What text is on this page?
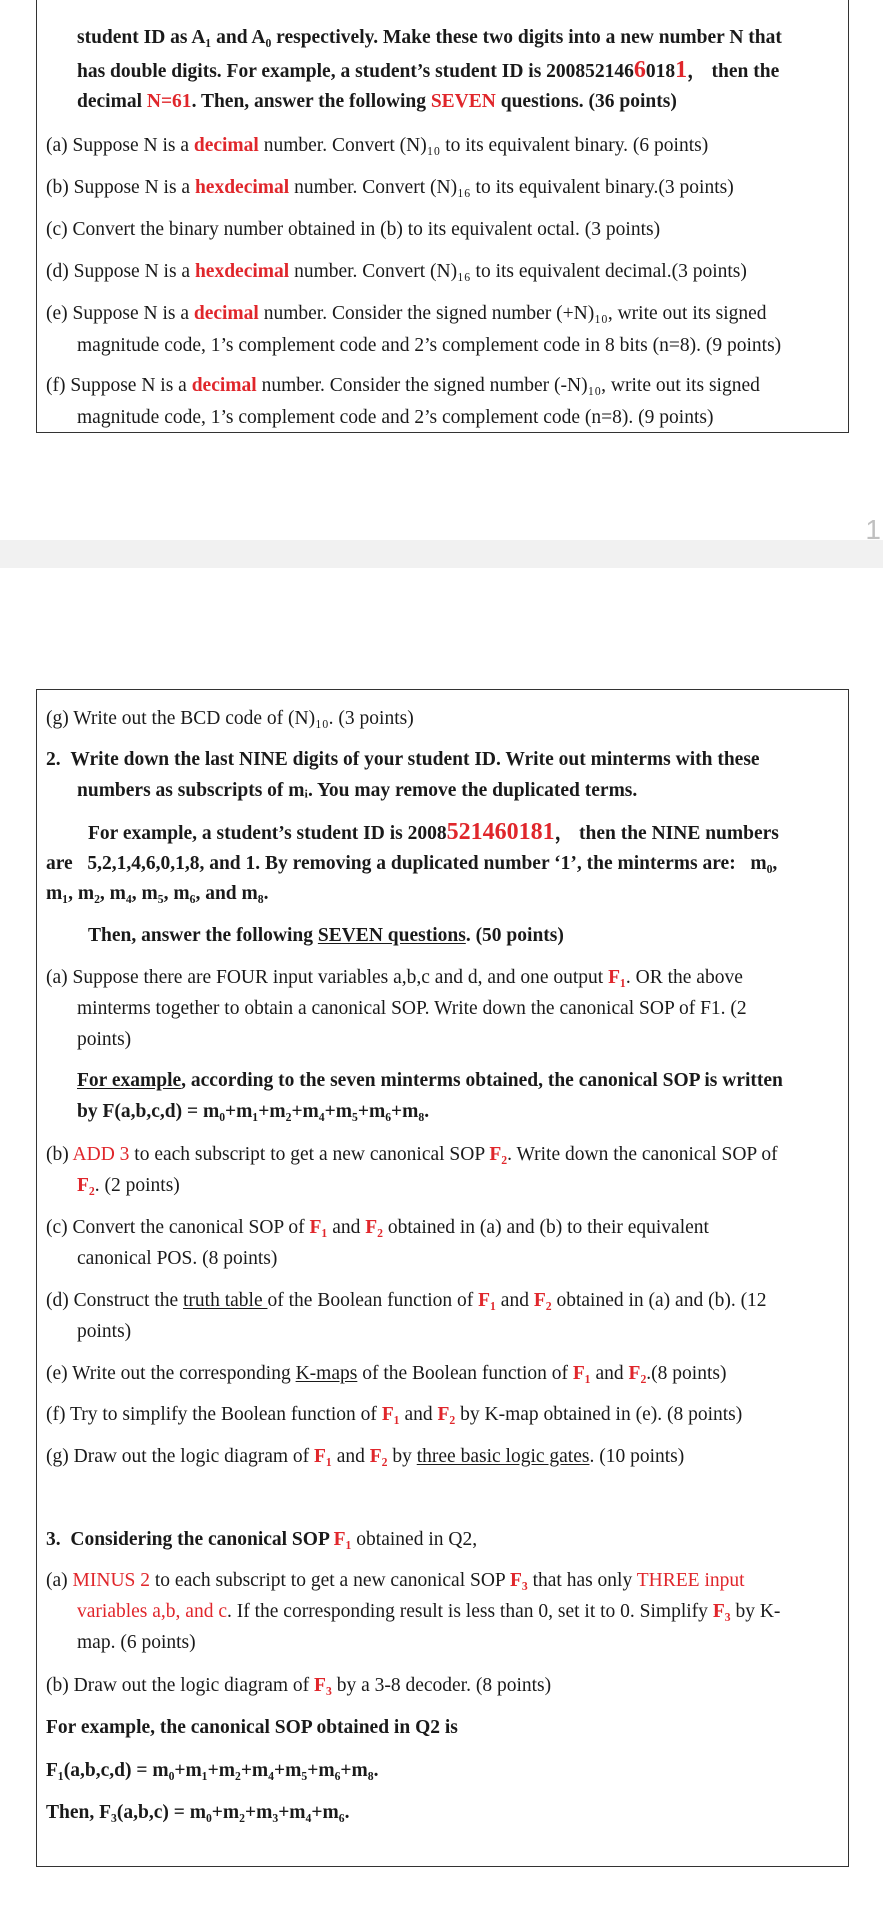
1
student ID as A₁ and A₀ respectively. Make these two digits into a new number N that
has double digits. For example, a student’s student ID is 20085214660181， then the
decimal N=61. Then, answer the following SEVEN questions. (36 points)
(a) Suppose N is a decimal number. Convert (N)₁₀ to its equivalent binary. (6 points)
(b) Suppose N is a hexdecimal number. Convert (N)₁₆ to its equivalent binary.(3 points)
(c) Convert the binary number obtained in (b) to its equivalent octal. (3 points)
(d) Suppose N is a hexdecimal number. Convert (N)₁₆ to its equivalent decimal.(3 points)
(e) Suppose N is a decimal number. Consider the signed number (+N)₁₀, write out its signed
magnitude code, 1’s complement code and 2’s complement code in 8 bits (n=8). (9 points)
(f) Suppose N is a decimal number. Consider the signed number (-N)₁₀, write out its signed
magnitude code, 1’s complement code and 2’s complement code (n=8). (9 points)
(g) Write out the BCD code of (N)₁₀. (3 points)
2.  Write down the last NINE digits of your student ID. Write out minterms with these
numbers as subscripts of mᵢ. You may remove the duplicated terms.
For example, a student’s student ID is 2008521460181， then the NINE numbers
are   5,2,1,4,6,0,1,8, and 1. By removing a duplicated number ‘1’, the minterms are:   m₀,
m₁, m₂, m₄, m₅, m₆, and m₈.
Then, answer the following SEVEN questions. (50 points)
(a) Suppose there are FOUR input variables a,b,c and d, and one output F₁. OR the above
minterms together to obtain a canonical SOP. Write down the canonical SOP of F1. (2
points)
For example, according to the seven minterms obtained, the canonical SOP is written
by F(a,b,c,d) = m₀+m₁+m₂+m₄+m₅+m₆+m₈.
(b) ADD 3 to each subscript to get a new canonical SOP F₂. Write down the canonical SOP of
F₂. (2 points)
(c) Convert the canonical SOP of F₁ and F₂ obtained in (a) and (b) to their equivalent
canonical POS. (8 points)
(d) Construct the truth table of the Boolean function of F₁ and F₂ obtained in (a) and (b). (12
points)
(e) Write out the corresponding K-maps of the Boolean function of F₁ and F₂.(8 points)
(f) Try to simplify the Boolean function of F₁ and F₂ by K-map obtained in (e). (8 points)
(g) Draw out the logic diagram of F₁ and F₂ by three basic logic gates. (10 points)
3.  Considering the canonical SOP F₁ obtained in Q2,
(a) MINUS 2 to each subscript to get a new canonical SOP F₃ that has only THREE input
variables a,b, and c. If the corresponding result is less than 0, set it to 0. Simplify F₃ by K-
map. (6 points)
(b) Draw out the logic diagram of F₃ by a 3-8 decoder. (8 points)
For example, the canonical SOP obtained in Q2 is
F₁(a,b,c,d) = m₀+m₁+m₂+m₄+m₅+m₆+m₈.
Then, F₃(a,b,c) = m₀+m₂+m₃+m₄+m₆.
